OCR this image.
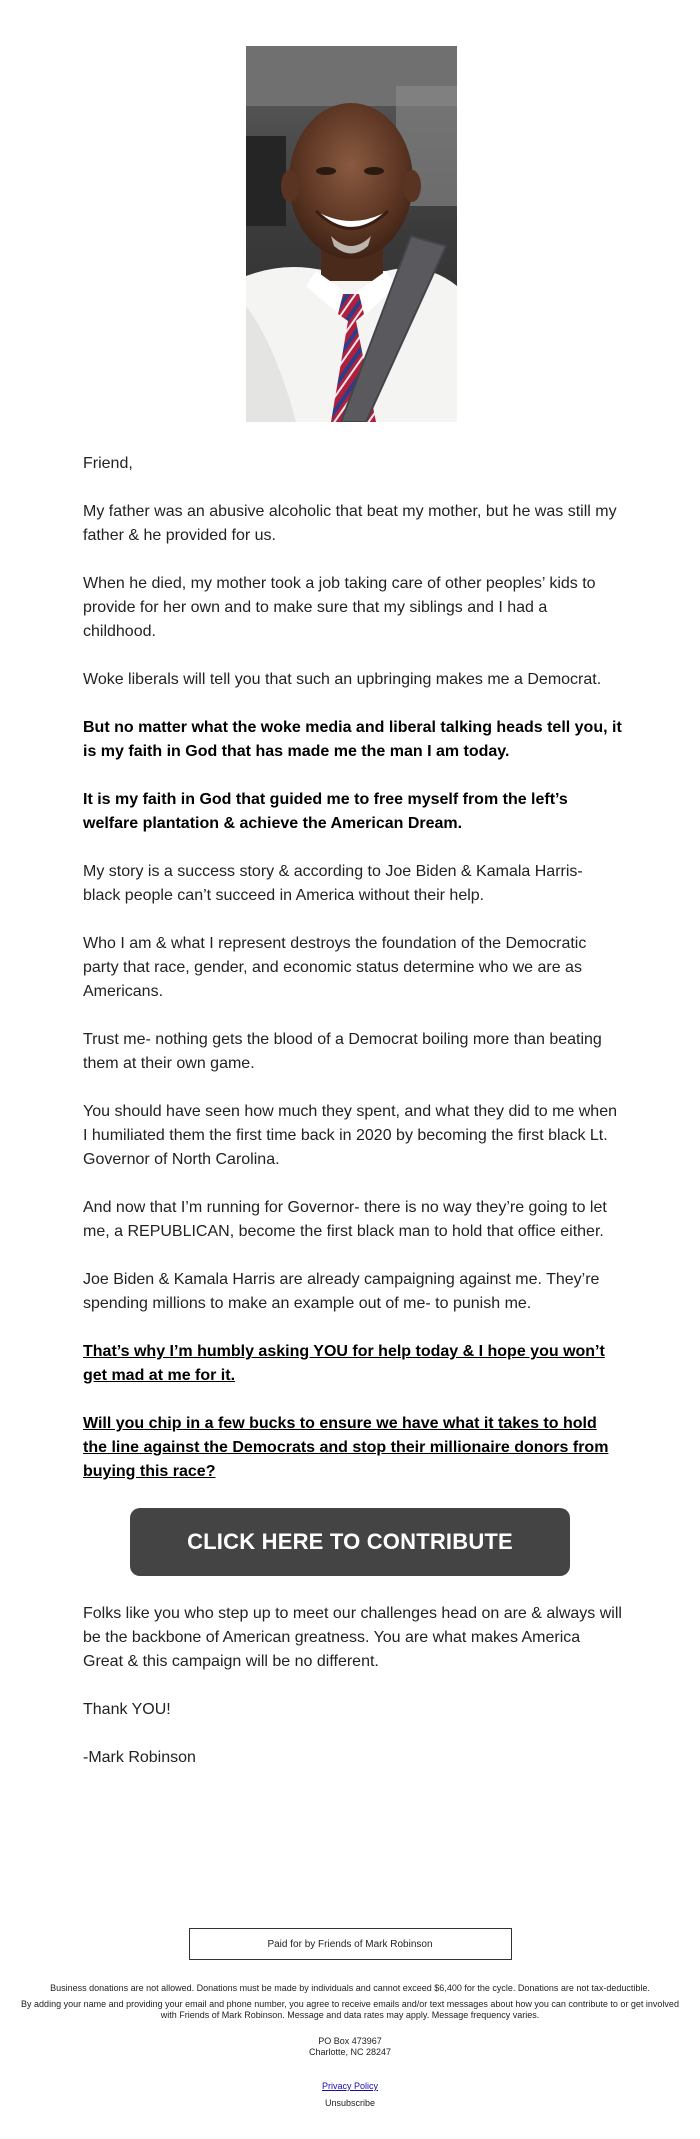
Friend,

My father was an abusive alcoholic that beat my mother, but he was still my father & he provided for us.

When he died, my mother took a job taking care of other peoples’ kids to provide for her own and to make sure that my siblings and I had a childhood.

Woke liberals will tell you that such an upbringing makes me a Democrat.

But no matter what the woke media and liberal talking heads tell you, it is my faith in God that has made me the man I am today.

It is my faith in God that guided me to free myself from the left’s welfare plantation & achieve the American Dream.

My story is a success story & according to Joe Biden & Kamala Harris- black people can’t succeed in America without their help.

Who I am & what I represent destroys the foundation of the Democratic party that race, gender, and economic status determine who we are as Americans.

Trust me- nothing gets the blood of a Democrat boiling more than beating them at their own game.

You should have seen how much they spent, and what they did to me when I humiliated them the first time back in 2020 by becoming the first black Lt. Governor of North Carolina.

And now that I’m running for Governor- there is no way they’re going to let me, a REPUBLICAN, become the first black man to hold that office either.

Joe Biden & Kamala Harris are already campaigning against me. They’re spending millions to make an example out of me- to punish me.

That’s why I’m humbly asking YOU for help today & I hope you won’t get mad at me for it.

Will you chip in a few bucks to ensure we have what it takes to hold the line against the Democrats and stop their millionaire donors from buying this race?

CLICK HERE TO CONTRIBUTE

Folks like you who step up to meet our challenges head on are & always will be the backbone of American greatness. You are what makes America Great & this campaign will be no different.

Thank YOU!

-Mark Robinson

Paid for by Friends of Mark Robinson
Business donations are not allowed. Donations must be made by individuals and cannot exceed $6,400 for the cycle. Donations are not tax-deductible.
By adding your name and providing your email and phone number, you agree to receive emails and/or text messages about how you can contribute to or get involved with Friends of Mark Robinson. Message and data rates may apply. Message frequency varies.
PO Box 473967
Charlotte, NC 28247
Privacy Policy
Unsubscribe
